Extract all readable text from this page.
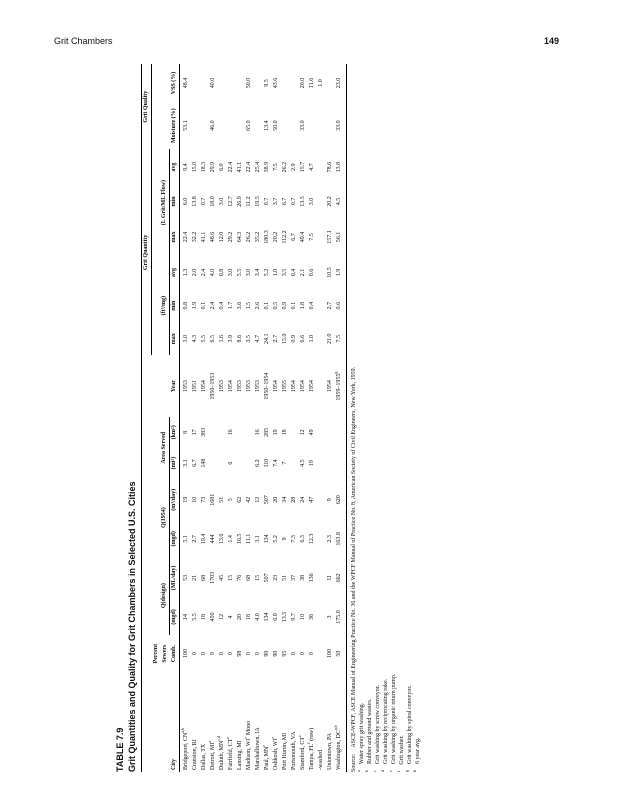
Grit Chambers	149

TABLE 7.9 Grit Quantities and Quality for Grit Chambers in Selected U.S. Cities

									Grit Quantity						Grit Quality	
	Percent Sewers	Q(design)		Q(1954)		Area Served			(ft³/mg)			(L Grit/ML Flow)				
City	Comb.	(mgd)	(ML/day)	(mgd)	(m³/day)	(mi²)	(km²)	Year	max	min	avg	max	min	avg	Moisture (%)	VSS (%)
Bridgeport, CN$^{a,b}$	100	14	53	5.1	19	3.1	8	1953	3.0	0.8	1.3	22.4	6.0	9.4	53.1	48.4
Cranston, RI	0	5.5	21	2.7	10	6.7	17	1951	4.3	1.9	2.0	32.2	13.8	15.0		
Dallas, TX	0	18	68	19.4	73	148	383	1954	5.5	0.1	2.4	41.1	0.7	18.3		
Detroit, $MI^a$	9	450	1703	444	1681			1950–1953	6.5	2.4	4.0	48.6	18.0	29.9	46.0	40.0
Duluth, MN$^{c,d}$	0	12	45	13.6	51			1953	1.6	0.4	0.8	12.0	3.0	6.0		
Fairfield, $CT^e$	0	4	15	1.4	5	6	16	1954	3.9	1.7	3.0	29.2	12.7	22.4		
Lansing, MI	98	20	76	16.5	62			1953	8.6	3.6	5.5	64.3	26.9	41.1		
Madison, $WI^c$ Mono	0	18	68	11.1	42			1953	3.5	1.5	3.0	26.2	11.2	22.4	65.0	50.0
Marshalltown, IA	0	4.0	15	3.1	12	6.2	16	1953	4.7	2.6	3.4	35.2	19.5	25.4		
Paul, $MN^e$	90	134	507	134	507	110	285	1950–1954	24.1	0.1	5.2	180.3	0.7	38.9	13.4	9.5
Oshkosh, $WI^e$	90	6.0	23	5.2	20	7.4	19	1954	2.7	0.5	1.0	20.2	3.7	7.5	50.0	43.6
Port Huron, MI	95	13.5	51	9	34	7	18	1955	15.0	0.9	3.5	112.2	6.7	26.2		
Portsmouth, VA	0	9.7	37	7.3	28			1954	0.9	0.1	0.4	6.7	0.7	2.9		
Stamford, $CT^e$	0	10	38	6.3	24	4.5	12	1954	6.6	1.8	2.1	49.4	13.5	15.7	33.0	20.0
Tampa, $FL^f$ (raw)	0	36	136	12.3	47	19	49	1954	1.0	0.4	0.6	7.5	3.0	4.7		11.6
-washed																1.0
Uniontown, PA	100	3	11	2.3	9			1954	21.0	2.7	10.5	157.1	20.2	78.6		
Washington, DC$^{a,b}$	50	175.0	662	163.8	620			1959–1955$^g$	7.5	0.6	1.9	56.1	4.5	13.8	33.0	23.0
Source: ASCE-WPCF, ASCE Manual of Engineering Practice No. 36 and the WPCF Manual of Practice No. 8, American Society of Civil Engineers, New York, 1959. $^a$Water spray grit washing.
$^b$Rubber and ground wastes.
$^c$Grit washing by screw conveyor.
$^d$Grit washing by reciprocating rake.
$^e$Grit washing by organic return pump.
$^f$Grit washer.
$^g$Grit washing by spiral conveyor.
$^h$6 year avg.
